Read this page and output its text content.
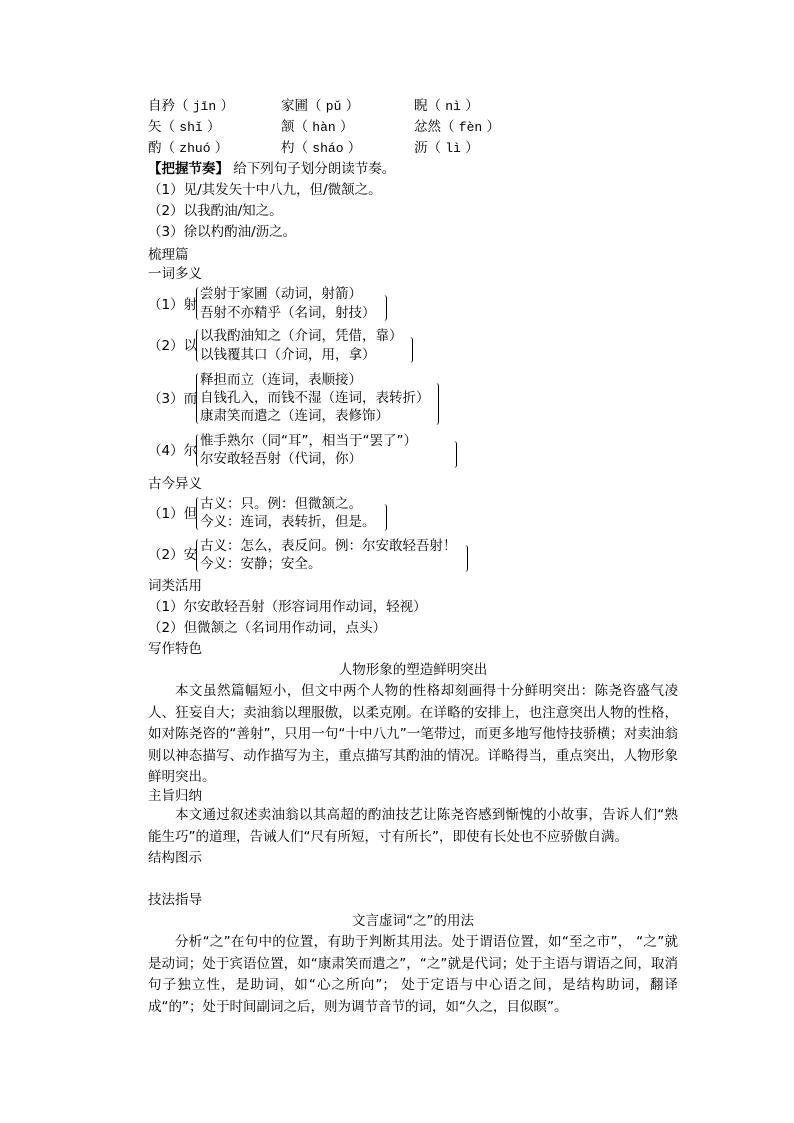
自矜（ jīn ）	家圃（ pǔ ）	睨（ nì ）
矢（ shǐ ）	颔（ hàn ）	忿然（ fèn ）
酌（ zhuó ）	杓（ sháo ）	沥（ lì ）
【把握节奏】 给下列句子划分朗读节奏。
（1）见/其发矢十中八九，但/微颔之。
（2）以我酌油/知之。
（3）徐以杓酌油/沥之。
梳理篇
一词多义
（1）射
尝射于家圃（动词，射箭）
吾射不亦精乎（名词，射技）
（2）以
以我酌油知之（介词，凭借，靠）
以钱覆其口（介词，用，拿）
（3）而
释担而立（连词，表顺接）
自钱孔入，而钱不湿（连词，表转折）
康肃笑而遣之（连词，表修饰）
（4）尔
惟手熟尔（同“耳”，相当于“罢了”）
尔安敢轻吾射（代词，你）
古今异义
（1）但
古义：只。例：但微颔之。
今义：连词，表转折，但是。
（2）安
古义：怎么，表反问。例：尔安敢轻吾射！
今义：安静；安全。
词类活用
（1）尔安敢轻吾射（形容词用作动词，轻视）
（2）但微颔之（名词用作动词，点头）
写作特色
人物形象的塑造鲜明突出
本文虽然篇幅短小，但文中两个人物的性格却刻画得十分鲜明突出：陈尧咨盛气凌人、狂妄自大；卖油翁以理服傲，以柔克刚。在详略的安排上，也注意突出人物的性格，如对陈尧咨的“善射”，只用一句“十中八九”一笔带过，而更多地写他恃技骄横；对卖油翁则以神态描写、动作描写为主，重点描写其酌油的情况。详略得当，重点突出，人物形象鲜明突出。
主旨归纳
本文通过叙述卖油翁以其高超的酌油技艺让陈尧咨感到惭愧的小故事，告诉人们“熟能生巧”的道理，告诫人们“尺有所短，寸有所长”，即使有长处也不应骄傲自满。
结构图示
技法指导
文言虚词“之”的用法
分析“之”在句中的位置，有助于判断其用法。处于谓语位置，如“至之市”， “之”就是动词；处于宾语位置，如“康肃笑而遣之”，“之”就是代词；处于主语与谓语之间，取消句子独立性，是助词，如“心之所向”； 处于定语与中心语之间，是结构助词，翻译成“的”；处于时间副词之后，则为调节音节的词，如“久之，目似瞑”。
